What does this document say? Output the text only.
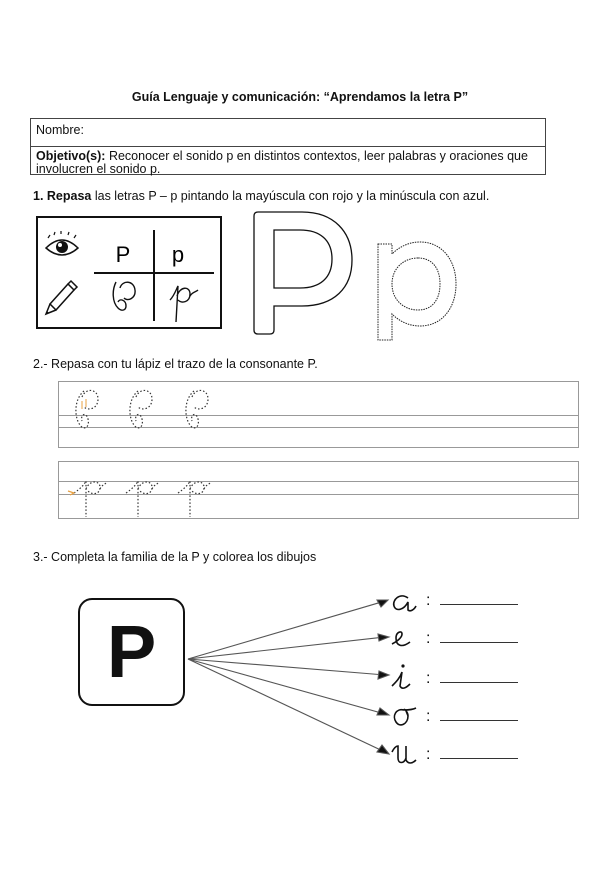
Guía Lenguaje y comunicación: “Aprendamos la letra P”
Nombre:
Objetivo(s): Reconocer el sonido p en distintos contextos, leer palabras y oraciones que involucren el sonido p.
1. Repasa las letras P – p pintando la mayúscula con rojo y la minúscula con azul.
P p
2.- Repasa con tu lápiz el trazo de la consonante P.
3.- Completa la familia de la P y colorea los dibujos
P
:
:
:
:
:
